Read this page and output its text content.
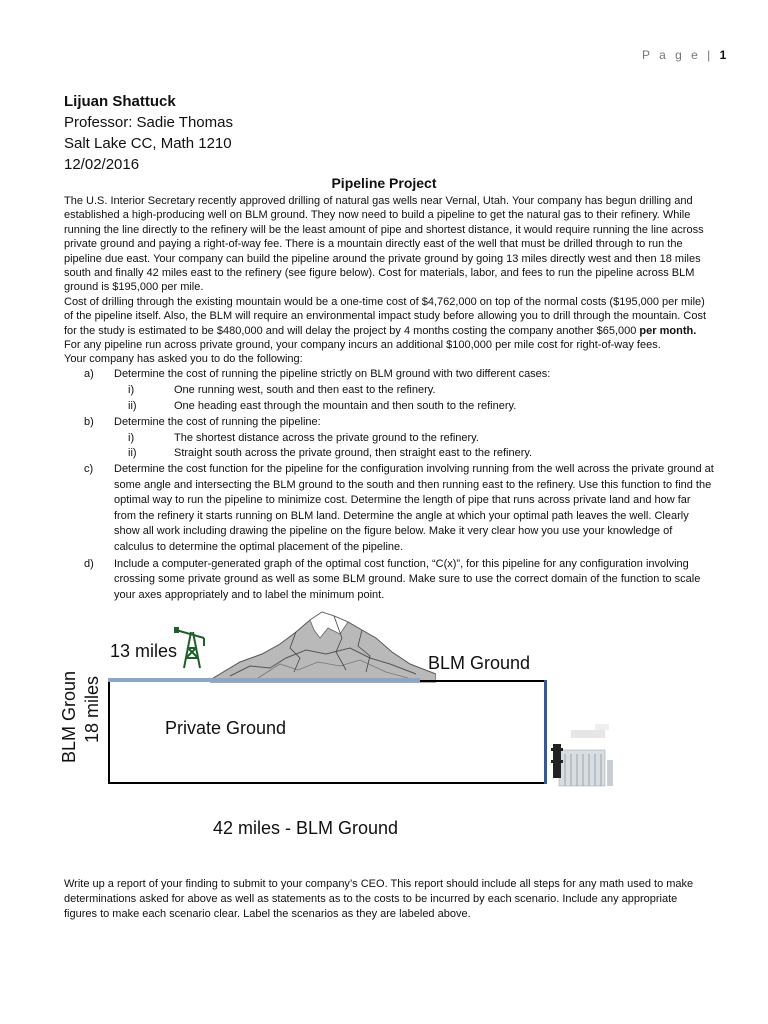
P a g e | 1
Lijuan Shattuck
Professor: Sadie Thomas
Salt Lake CC, Math 1210
12/02/2016
Pipeline Project

The U.S. Interior Secretary recently approved drilling of natural gas wells near Vernal, Utah. Your company has begun drilling and established a high-producing well on BLM ground. They now need to build a pipeline to get the natural gas to their refinery. While running the line directly to the refinery will be the least amount of pipe and shortest distance, it would require running the line across private ground and paying a right-of-way fee. There is a mountain directly east of the well that must be drilled through to run the pipeline due east. Your company can build the pipeline around the private ground by going 13 miles directly west and then 18 miles south and finally 42 miles east to the refinery (see figure below). Cost for materials, labor, and fees to run the pipeline across BLM ground is $195,000 per mile.

Cost of drilling through the existing mountain would be a one-time cost of $4,762,000 on top of the normal costs ($195,000 per mile) of the pipeline itself. Also, the BLM will require an environmental impact study before allowing you to drill through the mountain. Cost for the study is estimated to be $480,000 and will delay the project by 4 months costing the company another $65,000 per month.

For any pipeline run across private ground, your company incurs an additional $100,000 per mile cost for right-of-way fees.

Your company has asked you to do the following:

a) Determine the cost of running the pipeline strictly on BLM ground with two different cases:
i)	One running west, south and then east to the refinery.
ii)	One heading east through the mountain and then south to the refinery.
b) Determine the cost of running the pipeline:
i)	The shortest distance across the private ground to the refinery.
ii)	Straight south across the private ground, then straight east to the refinery.
c) Determine the cost function for the pipeline for the configuration involving running from the well across the private ground at some angle and intersecting the BLM ground to the south and then running east to the refinery. Use this function to find the optimal way to run the pipeline to minimize cost. Determine the length of pipe that runs across private land and how far from the refinery it starts running on BLM land. Determine the angle at which your optimal path leaves the well. Clearly show all work including drawing the pipeline on the figure below. Make it very clear how you use your knowledge of calculus to determine the optimal placement of the pipeline.
d) Include a computer-generated graph of the optimal cost function, “C(x)”, for this pipeline for any configuration involving crossing some private ground as well as some BLM ground. Make sure to use the correct domain of the function to scale your axes appropriately and to label the minimum point.
13 miles
BLM Ground
Private Ground
BLM Groun 18 miles
42 miles - BLM Ground
Write up a report of your finding to submit to your company’s CEO. This report should include all steps for any math used to make determinations asked for above as well as statements as to the costs to be incurred by each scenario. Include any appropriate figures to make each scenario clear. Label the scenarios as they are labeled above.
